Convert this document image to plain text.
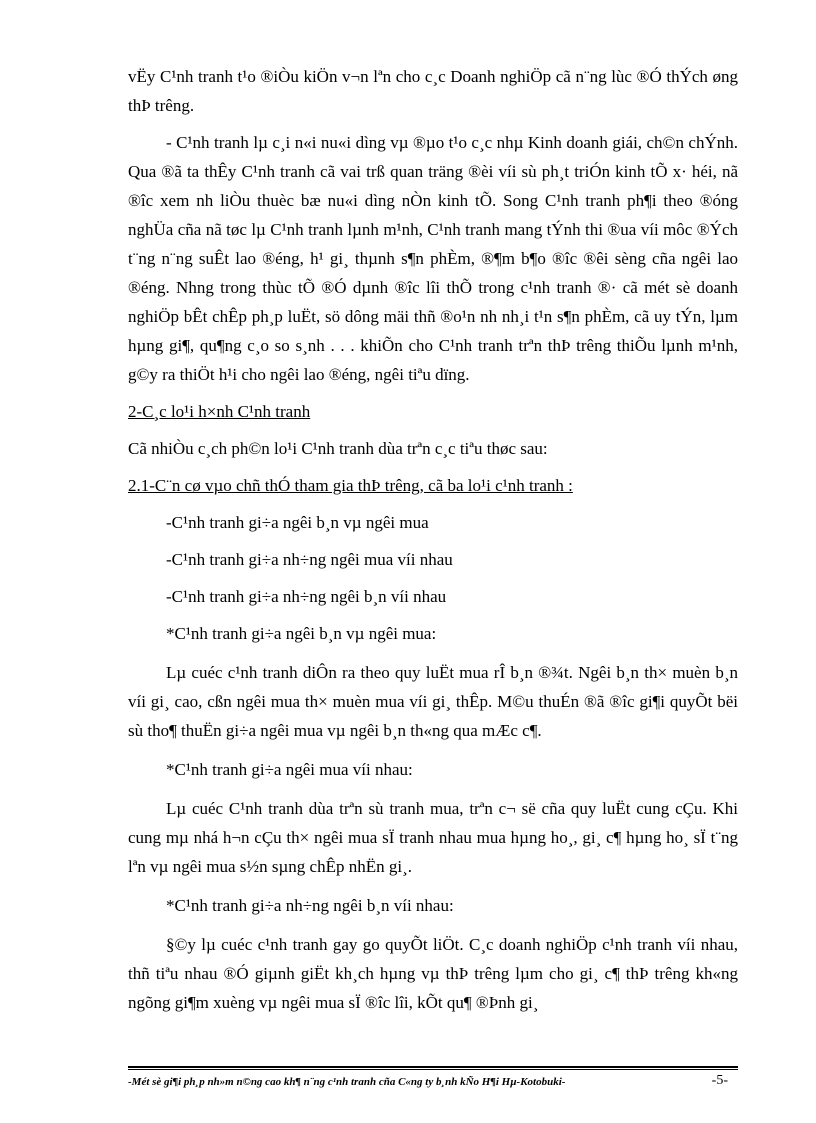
vËy C¹nh tranh t¹o ®iÒu kiÖn v¬n lªn cho c¸c Doanh nghiÖp cã n¨ng lùc ®Ó thÝch øng thÞ trêng.

- C¹nh tranh lµ c¸i n«i nu«i dìng vµ ®µo t¹o c¸c nhµ Kinh doanh giái, ch©n chÝnh. Qua ®ã ta thÊy C¹nh tranh cã vai trß quan träng ®èi víi sù ph¸t triÓn kinh tÕ x· héi, nã ®îc xem nh liÒu thuèc bæ nu«i dìng nÒn kinh tÕ. Song C¹nh tranh ph¶i theo ®óng nghÜa cña nã tøc lµ C¹nh tranh lµnh m¹nh, C¹nh tranh mang tÝnh thi ®ua víi môc ®Ých t¨ng n¨ng suÊt lao ®éng, h¹ gi¸ thµnh s¶n phÈm, ®¶m b¶o ®îc ®êi sèng cña ngêi lao ®éng. Nhng trong thùc tÕ ®Ó dµnh ®îc lîi thÕ trong c¹nh tranh ®· cã mét sè doanh nghiÖp bÊt chÊp ph¸p luËt, sö dông mäi thñ ®o¹n nh nh¸i t¹n s¶n phÈm, cã uy tÝn, lµm hµng gi¶, qu¶ng c¸o so s¸nh . . . khiÕn cho C¹nh tranh trªn thÞ trêng thiÕu lµnh m¹nh, g©y ra thiÖt h¹i cho ngêi lao ®éng, ngêi tiªu dïng.

2-C¸c lo¹i h×nh C¹nh tranh

Cã nhiÒu c¸ch ph©n lo¹i C¹nh tranh dùa trªn c¸c tiªu thøc sau:

2.1-C¨n cø vµo chñ thÓ tham gia thÞ trêng, cã ba lo¹i c¹nh tranh :

-C¹nh tranh gi÷a ngêi b¸n vµ ngêi mua

-C¹nh tranh gi÷a nh÷ng ngêi mua víi nhau

-C¹nh tranh gi÷a nh÷ng ngêi b¸n víi nhau

*C¹nh tranh gi÷a ngêi b¸n vµ ngêi mua:

Lµ cuéc c¹nh tranh diÔn ra theo quy luËt mua rÎ b¸n ®¾t. Ngêi b¸n th× muèn b¸n víi gi¸ cao, cßn ngêi mua th× muèn mua víi gi¸ thÊp. M©u thuÉn ®ã ®îc gi¶i quyÕt bëi sù tho¶ thuËn gi÷a ngêi mua vµ ngêi b¸n th«ng qua mÆc c¶.

*C¹nh tranh gi÷a ngêi mua víi nhau:

Lµ cuéc C¹nh tranh dùa trªn sù tranh mua, trªn c¬ së cña quy luËt cung cÇu. Khi cung mµ nhá h¬n cÇu th× ngêi mua sÏ tranh nhau mua hµng ho¸, gi¸ c¶ hµng ho¸ sÏ t¨ng lªn vµ ngêi mua s½n sµng chÊp nhËn gi¸.

*C¹nh tranh gi÷a nh÷ng ngêi b¸n víi nhau:

§©y lµ cuéc c¹nh tranh gay go quyÕt liÖt. C¸c doanh nghiÖp c¹nh tranh víi nhau, thñ tiªu nhau ®Ó giµnh giËt kh¸ch hµng vµ thÞ trêng lµm cho gi¸ c¶ thÞ trêng kh«ng ngõng gi¶m xuèng vµ ngêi mua sÏ ®îc lîi, kÕt qu¶ ®Þnh gi¸

-Mét sè gi¶i ph¸p nh»m n©ng cao kh¶ n¨ng c¹nh tranh cña C«ng ty b¸nh kÑo H¶i Hµ-Kotobuki-	-5-
